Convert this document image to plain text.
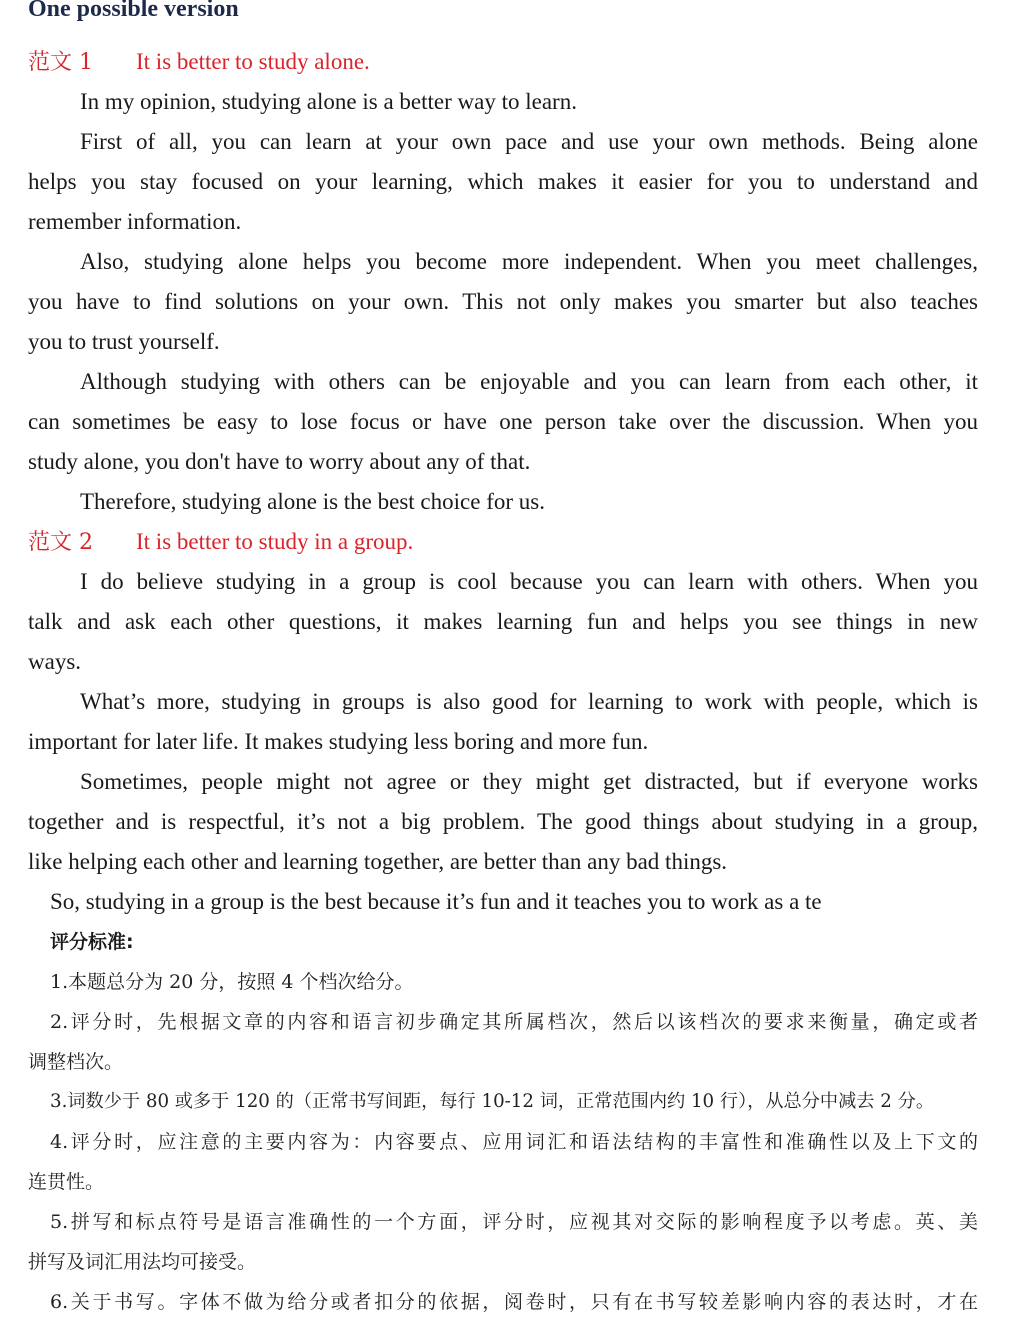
One possible version
范文 1 It is better to study alone.
In my opinion, studying alone is a better way to learn.
First of all, you can learn at your own pace and use your own methods. Being alone
helps you stay focused on your learning, which makes it easier for you to understand and
remember information.
Also, studying alone helps you become more independent. When you meet challenges,
you have to find solutions on your own. This not only makes you smarter but also teaches
you to trust yourself.
Although studying with others can be enjoyable and you can learn from each other, it
can sometimes be easy to lose focus or have one person take over the discussion. When you
study alone, you don't have to worry about any of that.
Therefore, studying alone is the best choice for us.
范文 2 It is better to study in a group.
I do believe studying in a group is cool because you can learn with others. When you
talk and ask each other questions, it makes learning fun and helps you see things in new
ways.
What’s more, studying in groups is also good for learning to work with people, which is
important for later life. It makes studying less boring and more fun.
Sometimes, people might not agree or they might get distracted, but if everyone works
together and is respectful, it’s not a big problem. The good things about studying in a group,
like helping each other and learning together, are better than any bad things.
So, studying in a group is the best because it’s fun and it teaches you to work as a te
评分标准:
1.本题总分为 20 分，按照 4 个档次给分。
2.评分时，先根据文章的内容和语言初步确定其所属档次，然后以该档次的要求来衡量，确定或者
调整档次。
3.词数少于 80 或多于 120 的（正常书写间距，每行 10-12 词，正常范围内约 10 行），从总分中减去 2 分。
4.评分时，应注意的主要内容为：内容要点、应用词汇和语法结构的丰富性和准确性以及上下文的
连贯性。
5.拼写和标点符号是语言准确性的一个方面，评分时，应视其对交际的影响程度予以考虑。英、美
拼写及词汇用法均可接受。
6.关于书写。字体不做为给分或者扣分的依据，阅卷时，只有在书写较差影响内容的表达时，才在
